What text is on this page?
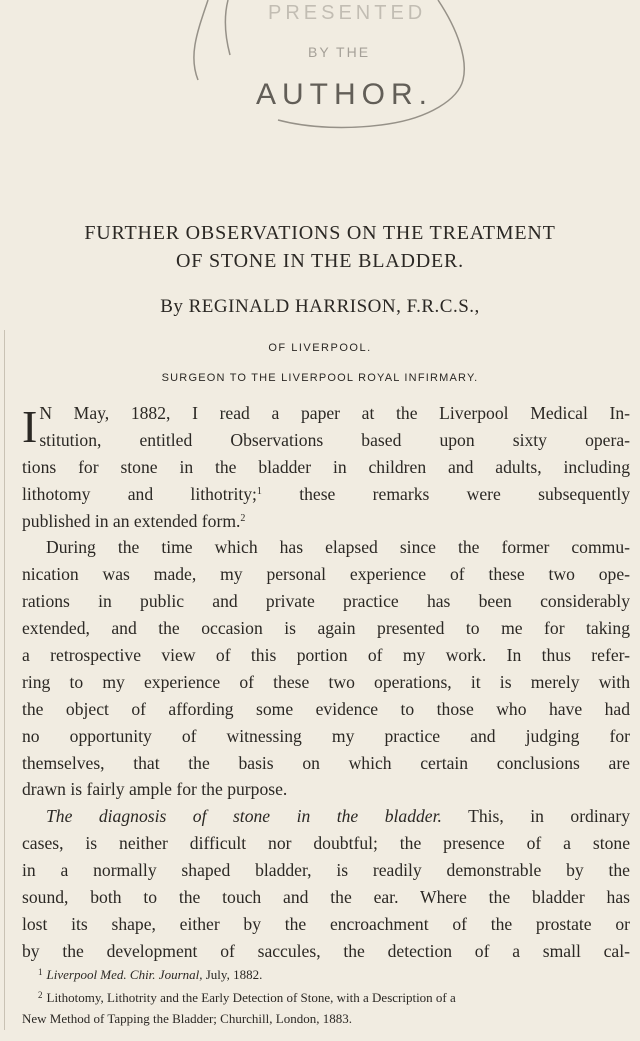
PRESENTED
BY THE
AUTHOR.
FURTHER OBSERVATIONS ON THE TREATMENT
OF STONE IN THE BLADDER.
By REGINALD HARRISON, F.R.C.S.,
OF LIVERPOOL.
SURGEON TO THE LIVERPOOL ROYAL INFIRMARY.
I N May, 1882, I read a paper at the Liverpool Medical In-
stitution, entitled Observations based upon sixty opera-
tions for stone in the bladder in children and adults, including
lithotomy and lithotrity;$^1$ these remarks were subsequently
published in an extended form.$^2$
During the time which has elapsed since the former commu-
nication was made, my personal experience of these two ope-
rations in public and private practice has been considerably
extended, and the occasion is again presented to me for taking
a retrospective view of this portion of my work. In thus refer-
ring to my experience of these two operations, it is merely with
the object of affording some evidence to those who have had
no opportunity of witnessing my practice and judging for
themselves, that the basis on which certain conclusions are
drawn is fairly ample for the purpose.
The diagnosis of stone in the bladder. This, in ordinary
cases, is neither difficult nor doubtful; the presence of a stone
in a normally shaped bladder, is readily demonstrable by the
sound, both to the touch and the ear. Where the bladder has
lost its shape, either by the encroachment of the prostate or
by the development of saccules, the detection of a small cal-
$^1$ Liverpool Med. Chir. Journal, July, 1882.
$^2$ Lithotomy, Lithotrity and the Early Detection of Stone, with a Description of a
New Method of Tapping the Bladder; Churchill, London, 1883.
